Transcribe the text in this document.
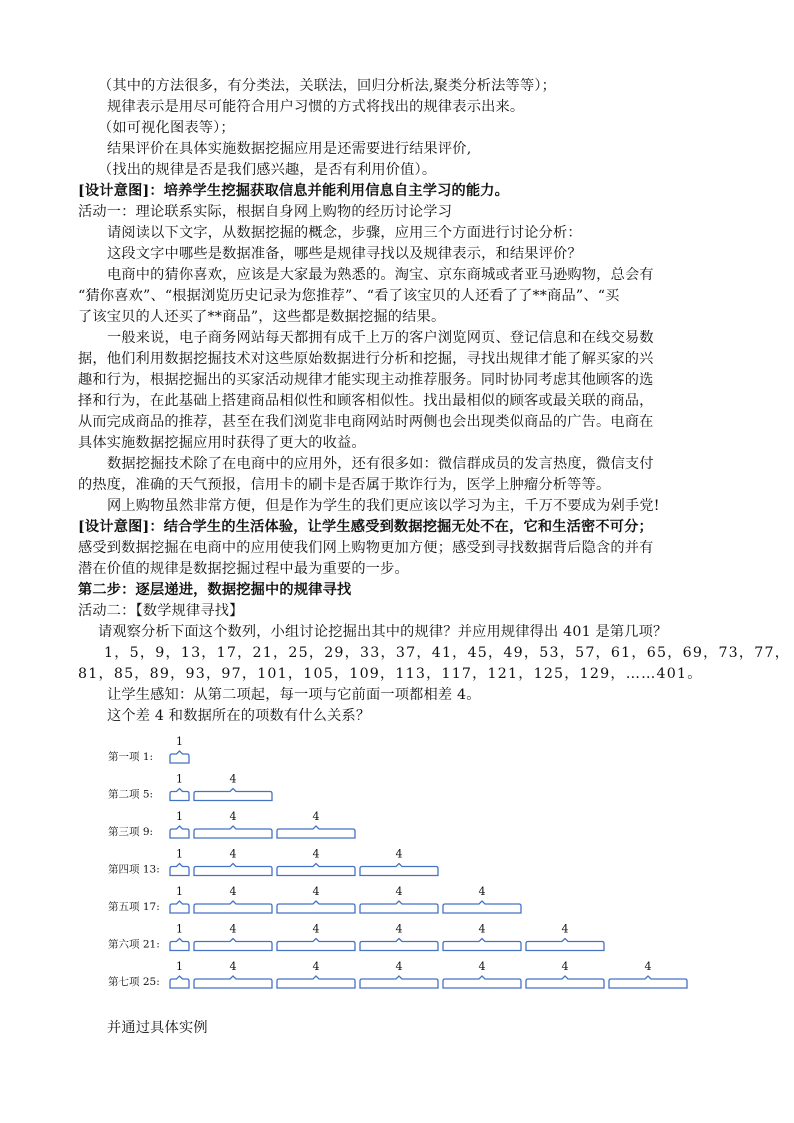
（其中的方法很多，有分类法，关联法，回归分析法,聚类分析法等等）；
规律表示是用尽可能符合用户习惯的方式将找出的规律表示出来。
（如可视化图表等）；
结果评价在具体实施数据挖掘应用是还需要进行结果评价,
（找出的规律是否是我们感兴趣，是否有利用价值）。
[设计意图]：培养学生挖掘获取信息并能利用信息自主学习的能力。
活动一：理论联系实际，根据自身网上购物的经历讨论学习
请阅读以下文字，从数据挖掘的概念，步骤，应用三个方面进行讨论分析：
这段文字中哪些是数据准备，哪些是规律寻找以及规律表示，和结果评价？
电商中的猜你喜欢，应该是大家最为熟悉的。淘宝、京东商城或者亚马逊购物，总会有
“猜你喜欢”、“根据浏览历史记录为您推荐”、“看了该宝贝的人还看了了**商品”、“买
了该宝贝的人还买了**商品”，这些都是数据挖掘的结果。
一般来说，电子商务网站每天都拥有成千上万的客户浏览网页、登记信息和在线交易数
据，他们利用数据挖掘技术对这些原始数据进行分析和挖掘，寻找出规律才能了解买家的兴
趣和行为，根据挖掘出的买家活动规律才能实现主动推荐服务。同时协同考虑其他顾客的选
择和行为，在此基础上搭建商品相似性和顾客相似性。找出最相似的顾客或最关联的商品，
从而完成商品的推荐，甚至在我们浏览非电商网站时两侧也会出现类似商品的广告。电商在
具体实施数据挖掘应用时获得了更大的收益。
数据挖掘技术除了在电商中的应用外，还有很多如：微信群成员的发言热度，微信支付
的热度，准确的天气预报，信用卡的刷卡是否属于欺诈行为，医学上肿瘤分析等等。
网上购物虽然非常方便，但是作为学生的我们更应该以学习为主，千万不要成为剁手党!
[设计意图]：结合学生的生活体验，让学生感受到数据挖掘无处不在，它和生活密不可分；
感受到数据挖掘在电商中的应用使我们网上购物更加方便；感受到寻找数据背后隐含的并有
潜在价值的规律是数据挖掘过程中最为重要的一步。
第二步：逐层递进，数据挖掘中的规律寻找
活动二：【数学规律寻找】
请观察分析下面这个数列，小组讨论挖掘出其中的规律？并应用规律得出 401 是第几项？
1，5，9，13，17，21，25，29，33，37，41，45，49，53，57，61，65，69，73，77，
81，85，89，93，97，101，105，109，113，117，121，125，129，……401。
让学生感知：从第二项起，每一项与它前面一项都相差 4。
这个差 4 和数据所在的项数有什么关系？
第一项 1:
1
第二项 5:
1	4
第三项 9:
1	4	4
第四项 13:
1	4	4	4
第五项 17:
1	4	4	4	4
第六项 21:
1	4	4	4	4	4
第七项 25:
1	4	4	4	4	4	4
并通过具体实例
